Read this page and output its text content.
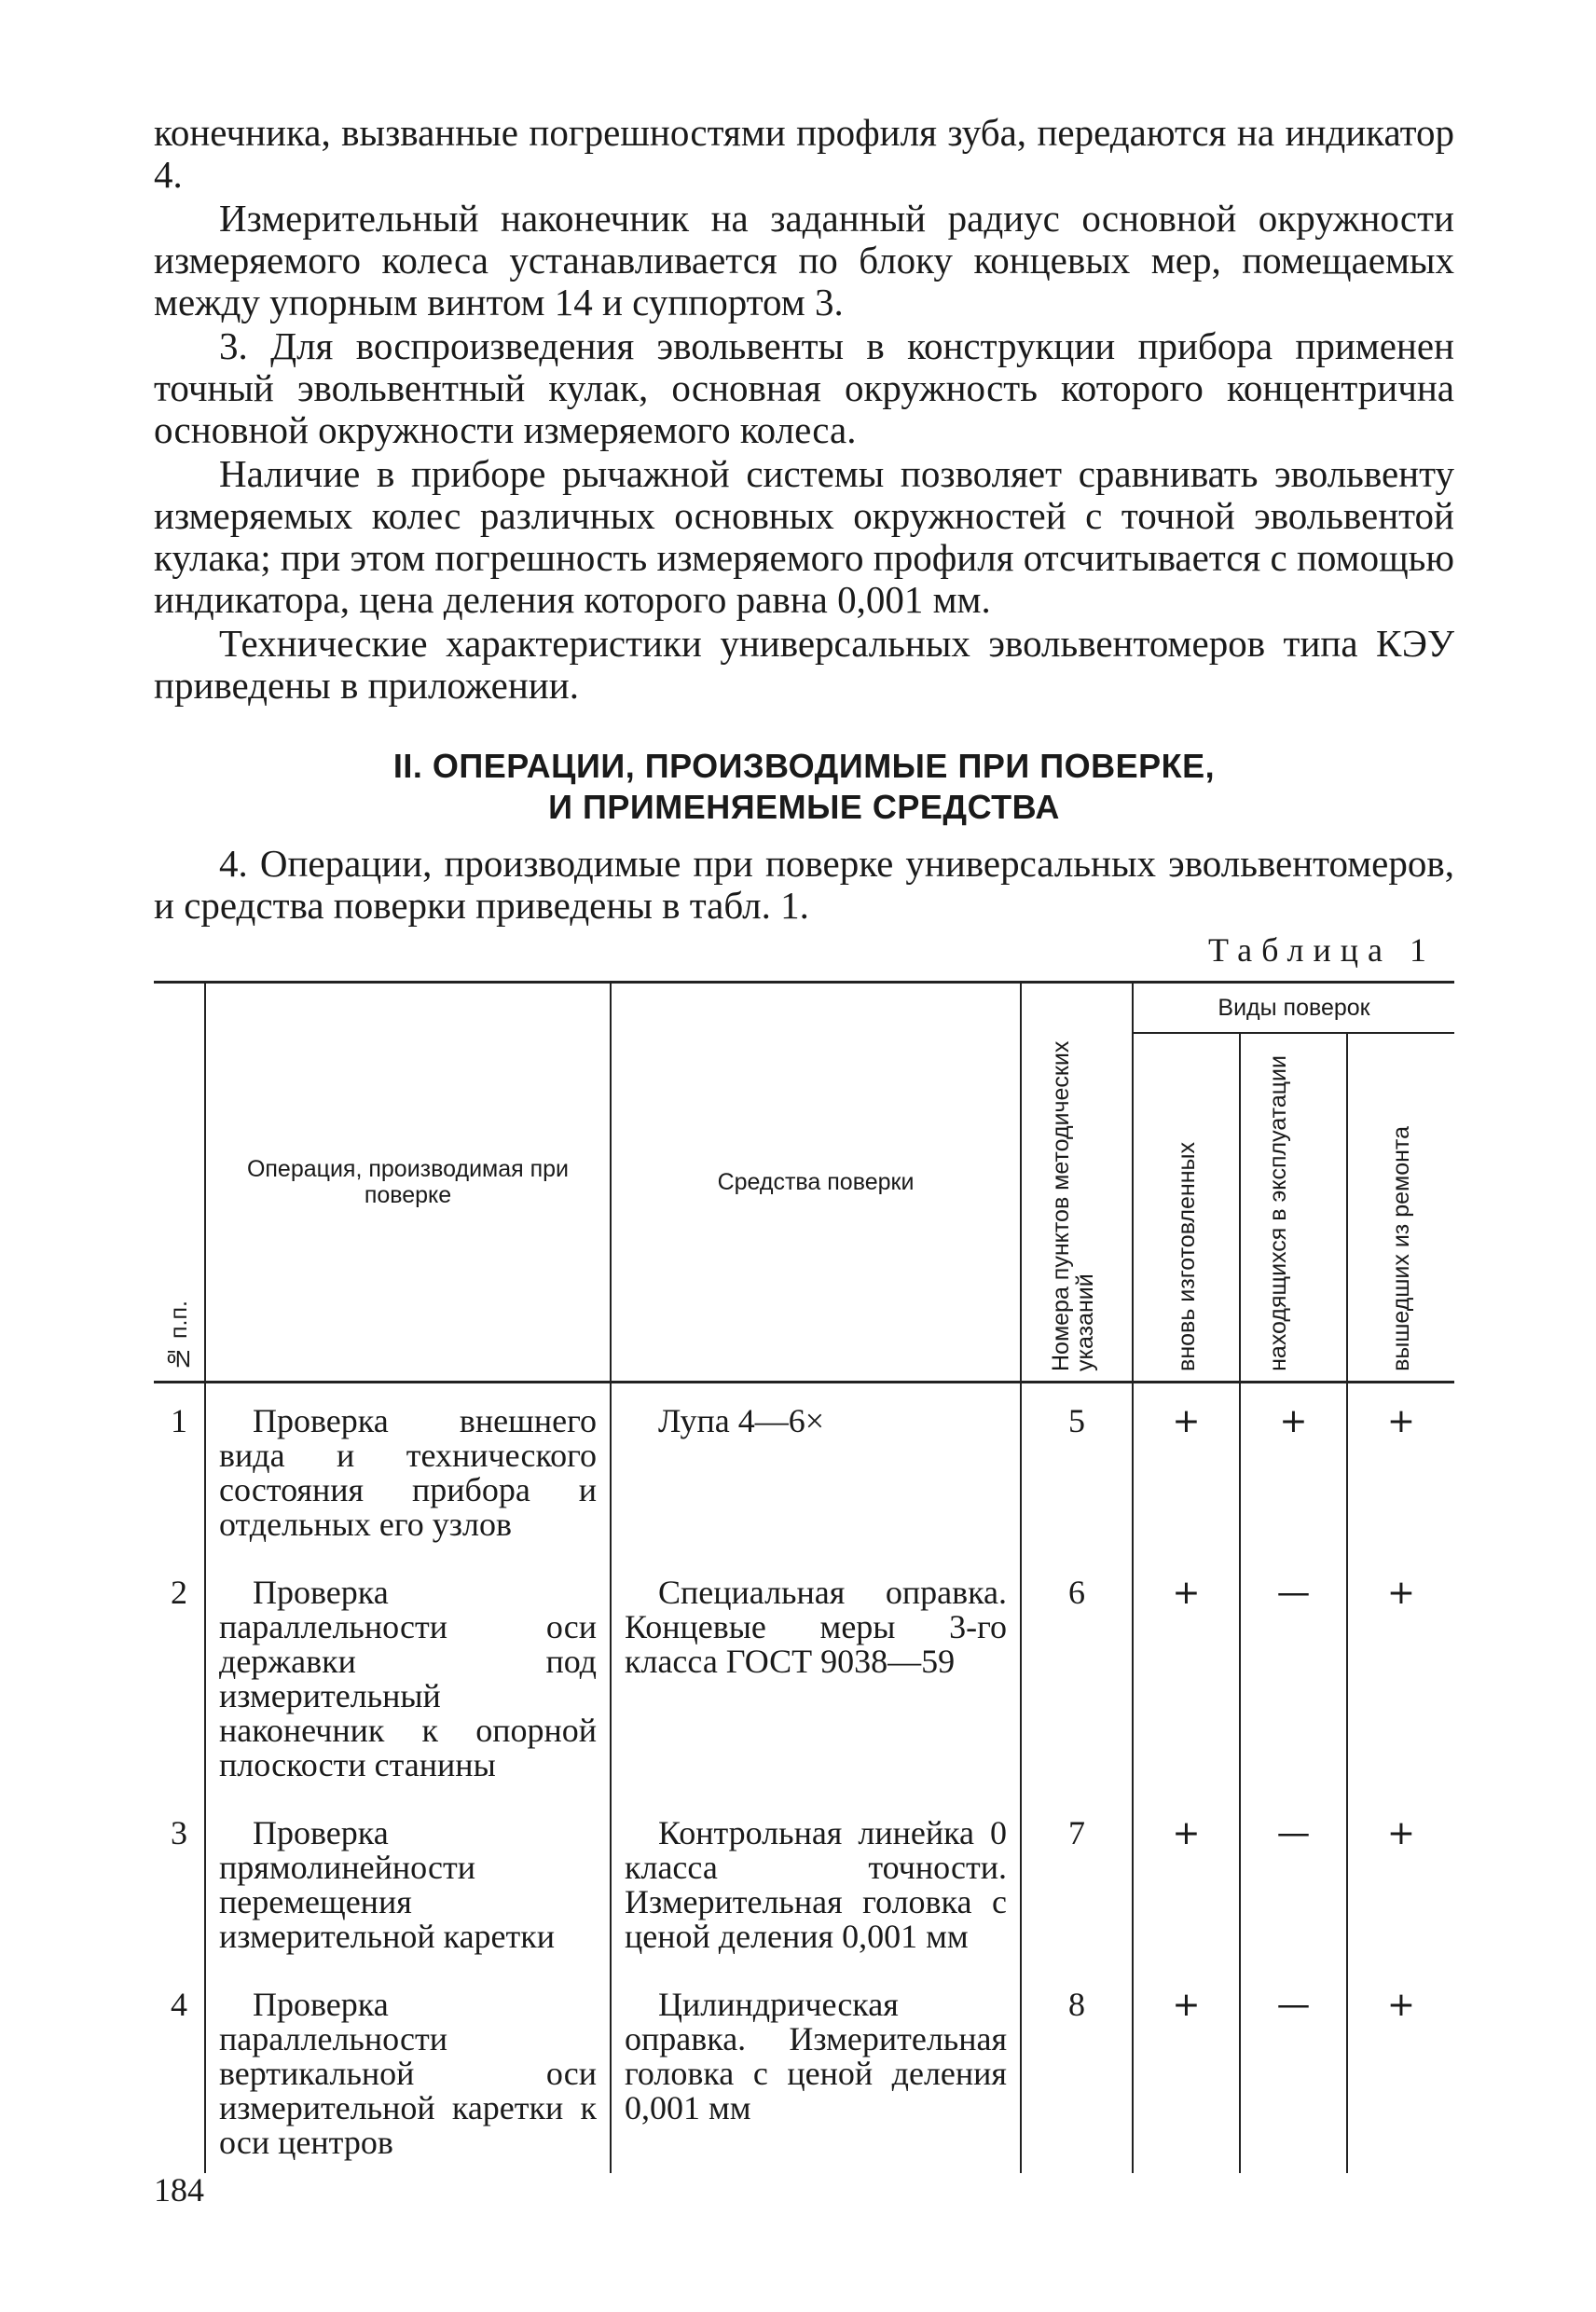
конечника, вызванные погрешностями профиля зуба, передаются на индикатор 4.

Измерительный наконечник на заданный радиус основной окружности измеряемого колеса устанавливается по блоку концевых мер, помещаемых между упорным винтом 14 и суппортом 3.

3. Для воспроизведения эвольвенты в конструкции прибора применен точный эвольвентный кулак, основная окружность которого концентрична основной окружности измеряемого колеса.

Наличие в приборе рычажной системы позволяет сравнивать эвольвенту измеряемых колес различных основных окружностей с точной эвольвентой кулака; при этом погрешность измеряемого профиля отсчитывается с помощью индикатора, цена деления которого равна 0,001 мм.

Технические характеристики универсальных эвольвентомеров типа КЭУ приведены в приложении.

II. ОПЕРАЦИИ, ПРОИЗВОДИМЫЕ ПРИ ПОВЕРКЕ,
И ПРИМЕНЯЕМЫЕ СРЕДСТВА

4. Операции, производимые при поверке универсальных эвольвентомеров, и средства поверки приведены в табл. 1.

Таблица 1
№ п.п.	Операция, производимая при поверке	Средства поверки	Номера пунктов методических указаний	Виды поверок		

				вновь изготовленных	находящихся в эксплуатации	вышедших из ремонта

1	Проверка внешнего вида и технического состояния прибора и отдельных его узлов	Лупа 4—6×	5	+	+	+
2	Проверка параллельности оси державки под измерительный наконечник к опорной плоскости станины	Специальная оправка. Концевые меры 3-го класса ГОСТ 9038—59	6	+	—	+
3	Проверка прямолинейности перемещения измерительной каретки	Контрольная линейка 0 класса точности. Измерительная головка с ценой деления 0,001 мм	7	+	—	+
4	Проверка параллельности вертикальной оси измерительной каретки к оси центров	Цилиндрическая оправка. Измерительная головка с ценой деления 0,001 мм	8	+	—	+
184
